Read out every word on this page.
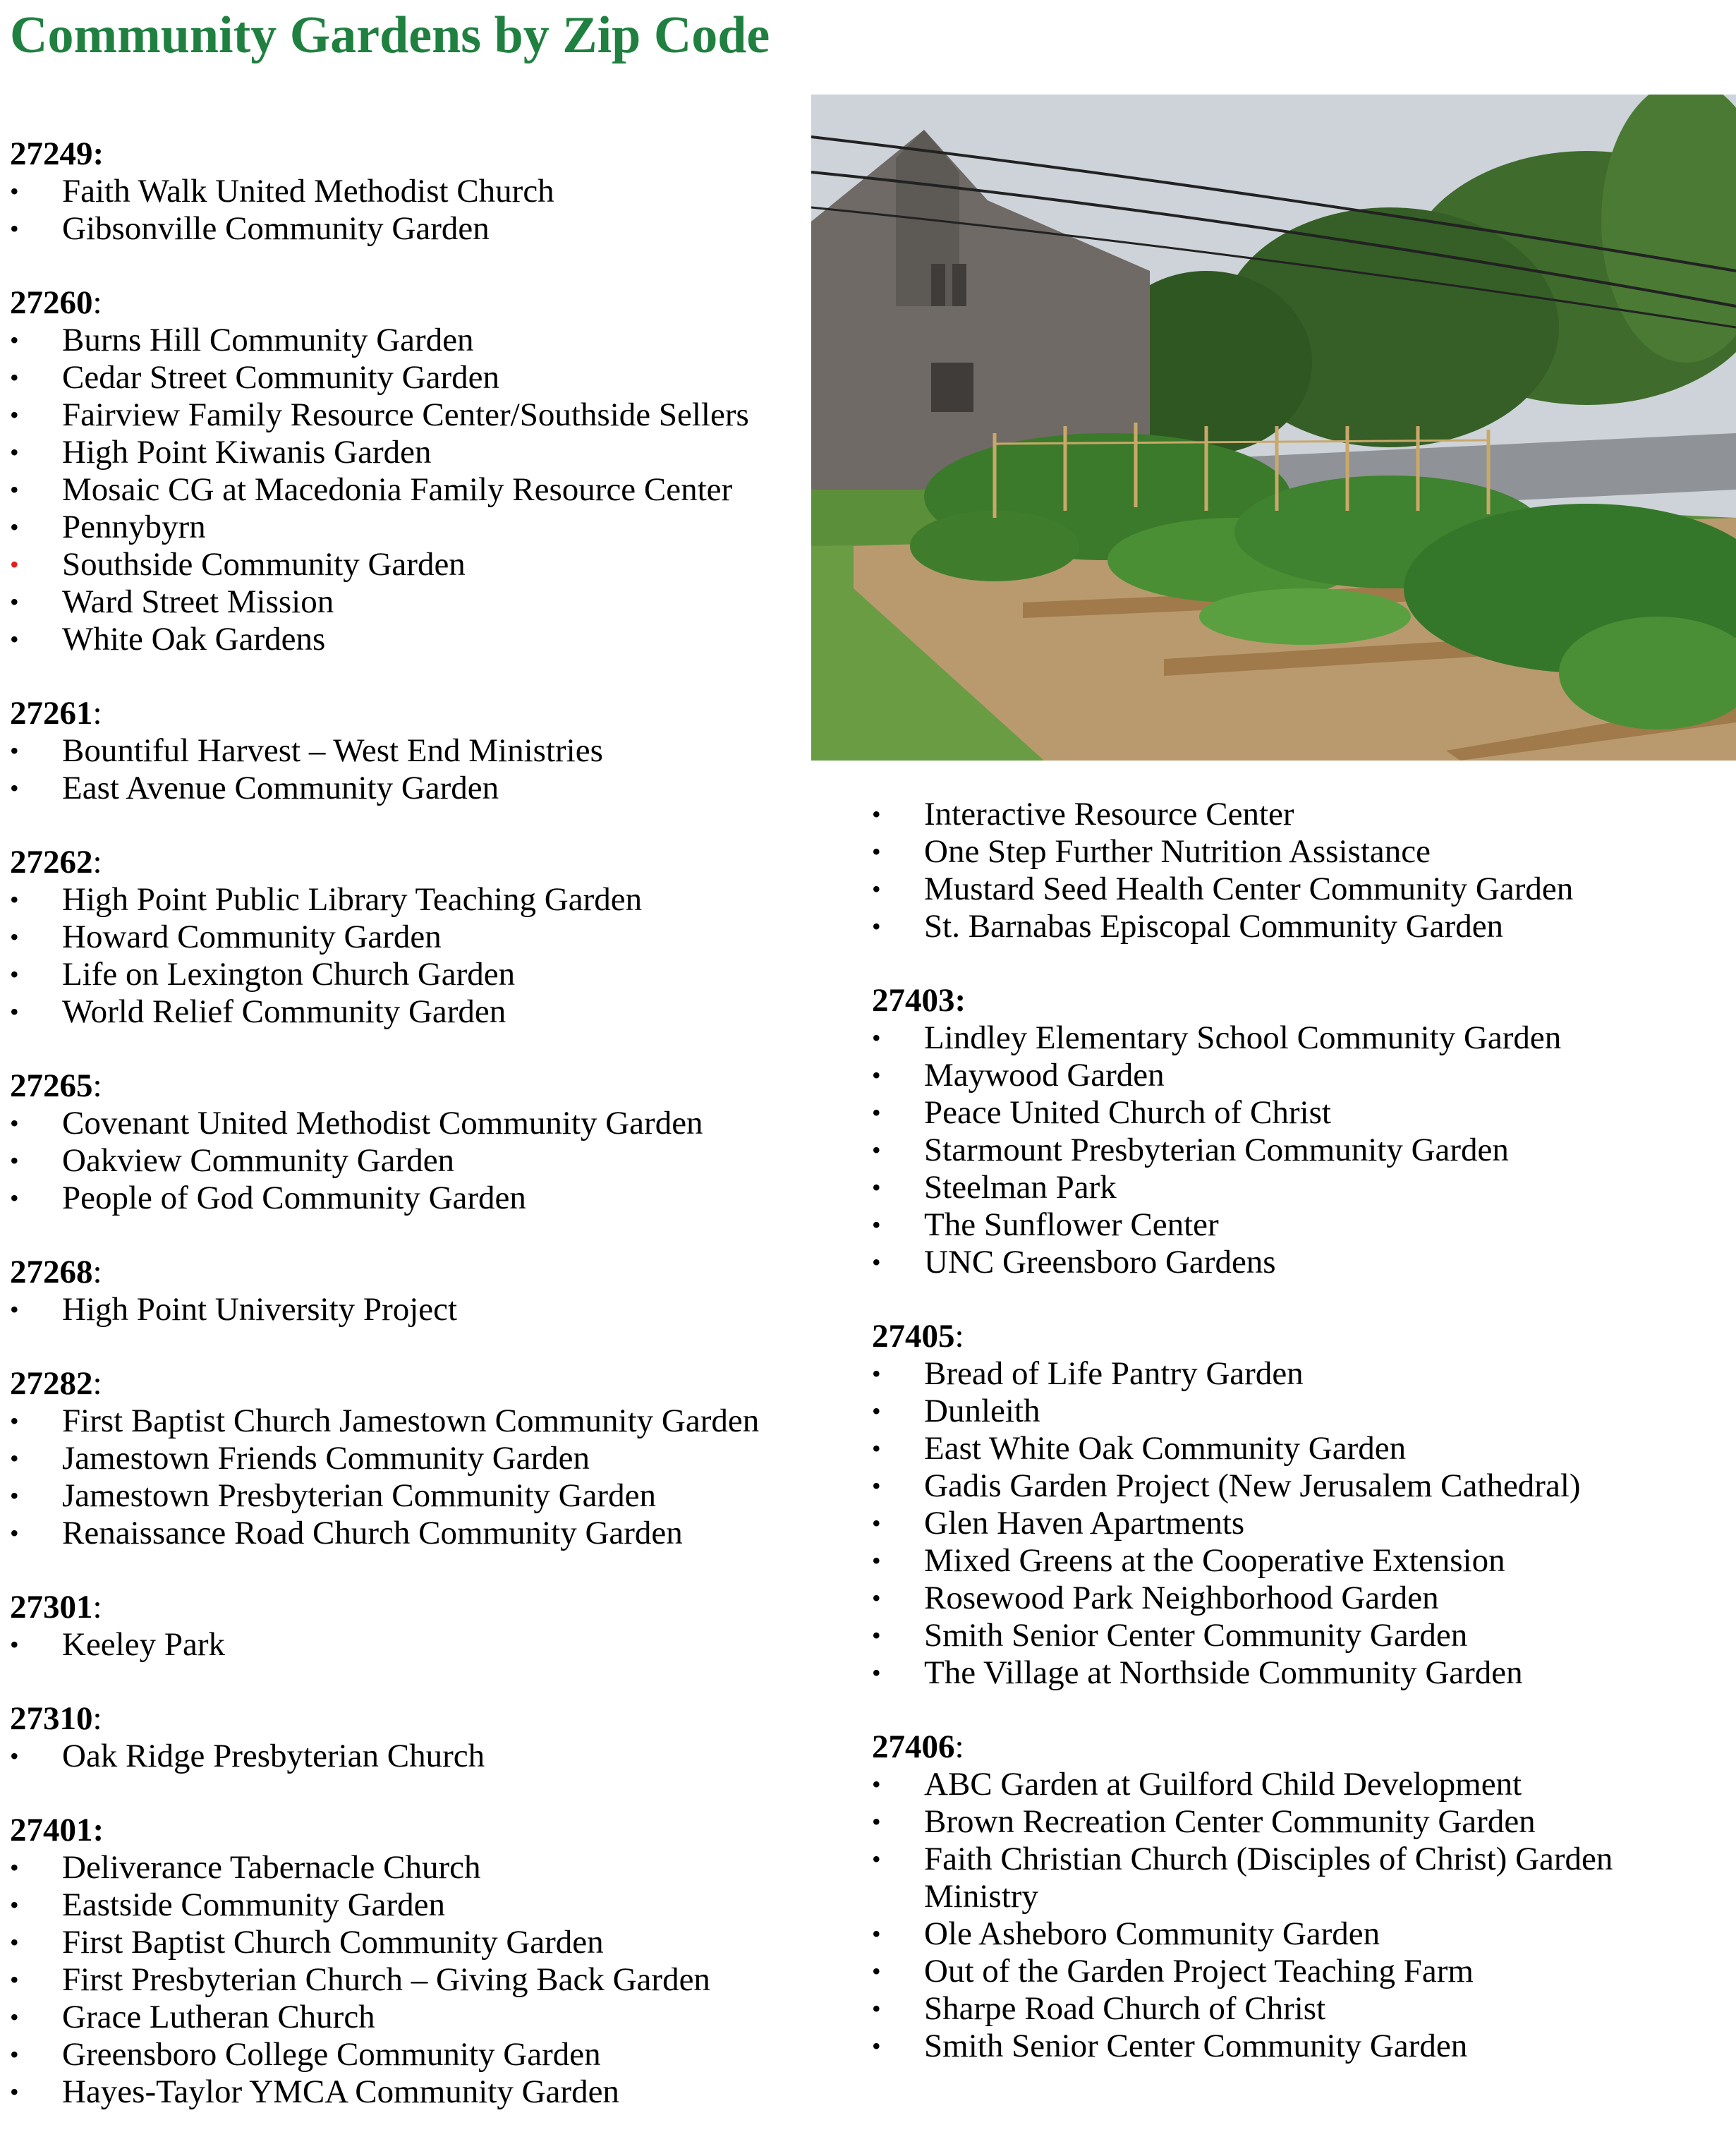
Community Gardens by Zip Code

27249:

•	Faith Walk United Methodist Church
•	Gibsonville Community Garden

27260:

•	Burns Hill Community Garden
•	Cedar Street Community Garden
•	Fairview Family Resource Center/Southside Sellers
•	High Point Kiwanis Garden
•	Mosaic CG at Macedonia Family Resource Center
•	Pennybyrn
•	Southside Community Garden
•	Ward Street Mission
•	White Oak Gardens

27261:

•	Bountiful Harvest – West End Ministries
•	East Avenue Community Garden

27262:

•	High Point Public Library Teaching Garden
•	Howard Community Garden
•	Life on Lexington Church Garden
•	World Relief Community Garden

27265:

•	Covenant United Methodist Community Garden
•	Oakview Community Garden
•	People of God Community Garden

27268:

•	High Point University Project

27282:

•	First Baptist Church Jamestown Community Garden
•	Jamestown Friends Community Garden
•	Jamestown Presbyterian Community Garden
•	Renaissance Road Church Community Garden

27301:

•	Keeley Park

27310:

•	Oak Ridge Presbyterian Church

27401:

•	Deliverance Tabernacle Church
•	Eastside Community Garden
•	First Baptist Church Community Garden
•	First Presbyterian Church – Giving Back Garden
•	Grace Lutheran Church
•	Greensboro College Community Garden
•	Hayes-Taylor YMCA Community Garden
•	Interactive Resource Center
•	One Step Further Nutrition Assistance
•	Mustard Seed Health Center Community Garden
•	St. Barnabas Episcopal Community Garden

27403:

•	Lindley Elementary School Community Garden
•	Maywood Garden
•	Peace United Church of Christ
•	Starmount Presbyterian Community Garden
•	Steelman Park
•	The Sunflower Center
•	UNC Greensboro Gardens

27405:

•	Bread of Life Pantry Garden
•	Dunleith
•	East White Oak Community Garden
•	Gadis Garden Project (New Jerusalem Cathedral)
•	Glen Haven Apartments
•	Mixed Greens at the Cooperative Extension
•	Rosewood Park Neighborhood Garden
•	Smith Senior Center Community Garden
•	The Village at Northside Community Garden

27406:

•	ABC Garden at Guilford Child Development
•	Brown Recreation Center Community Garden
•	Faith Christian Church (Disciples of Christ) Garden Ministry
•	Ole Asheboro Community Garden
•	Out of the Garden Project Teaching Farm
•	Sharpe Road Church of Christ
•	Smith Senior Center Community Garden
